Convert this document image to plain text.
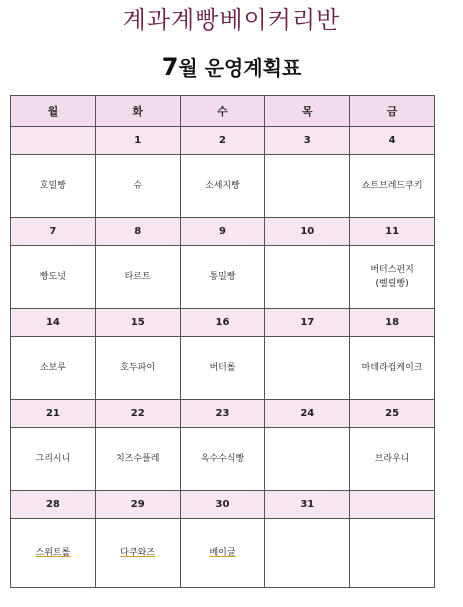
계과계빵베이커리반
7월 운영계획표
월	화	수	목	금
	1	2	3	4
호밀빵	슈	소세지빵		쇼트브레드쿠키
7	8	9	10	11
빵도넛	타르트	통밀빵		버터스펀지
(벨릴빵)
14	15	16	17	18
소보루	호두파이	버터롤		마데라컵케이크
21	22	23	24	25
그리시니	치즈수플레	옥수수식빵		브라우니
28	29	30	31	
스위트롤	다쿠와즈	베이글		
